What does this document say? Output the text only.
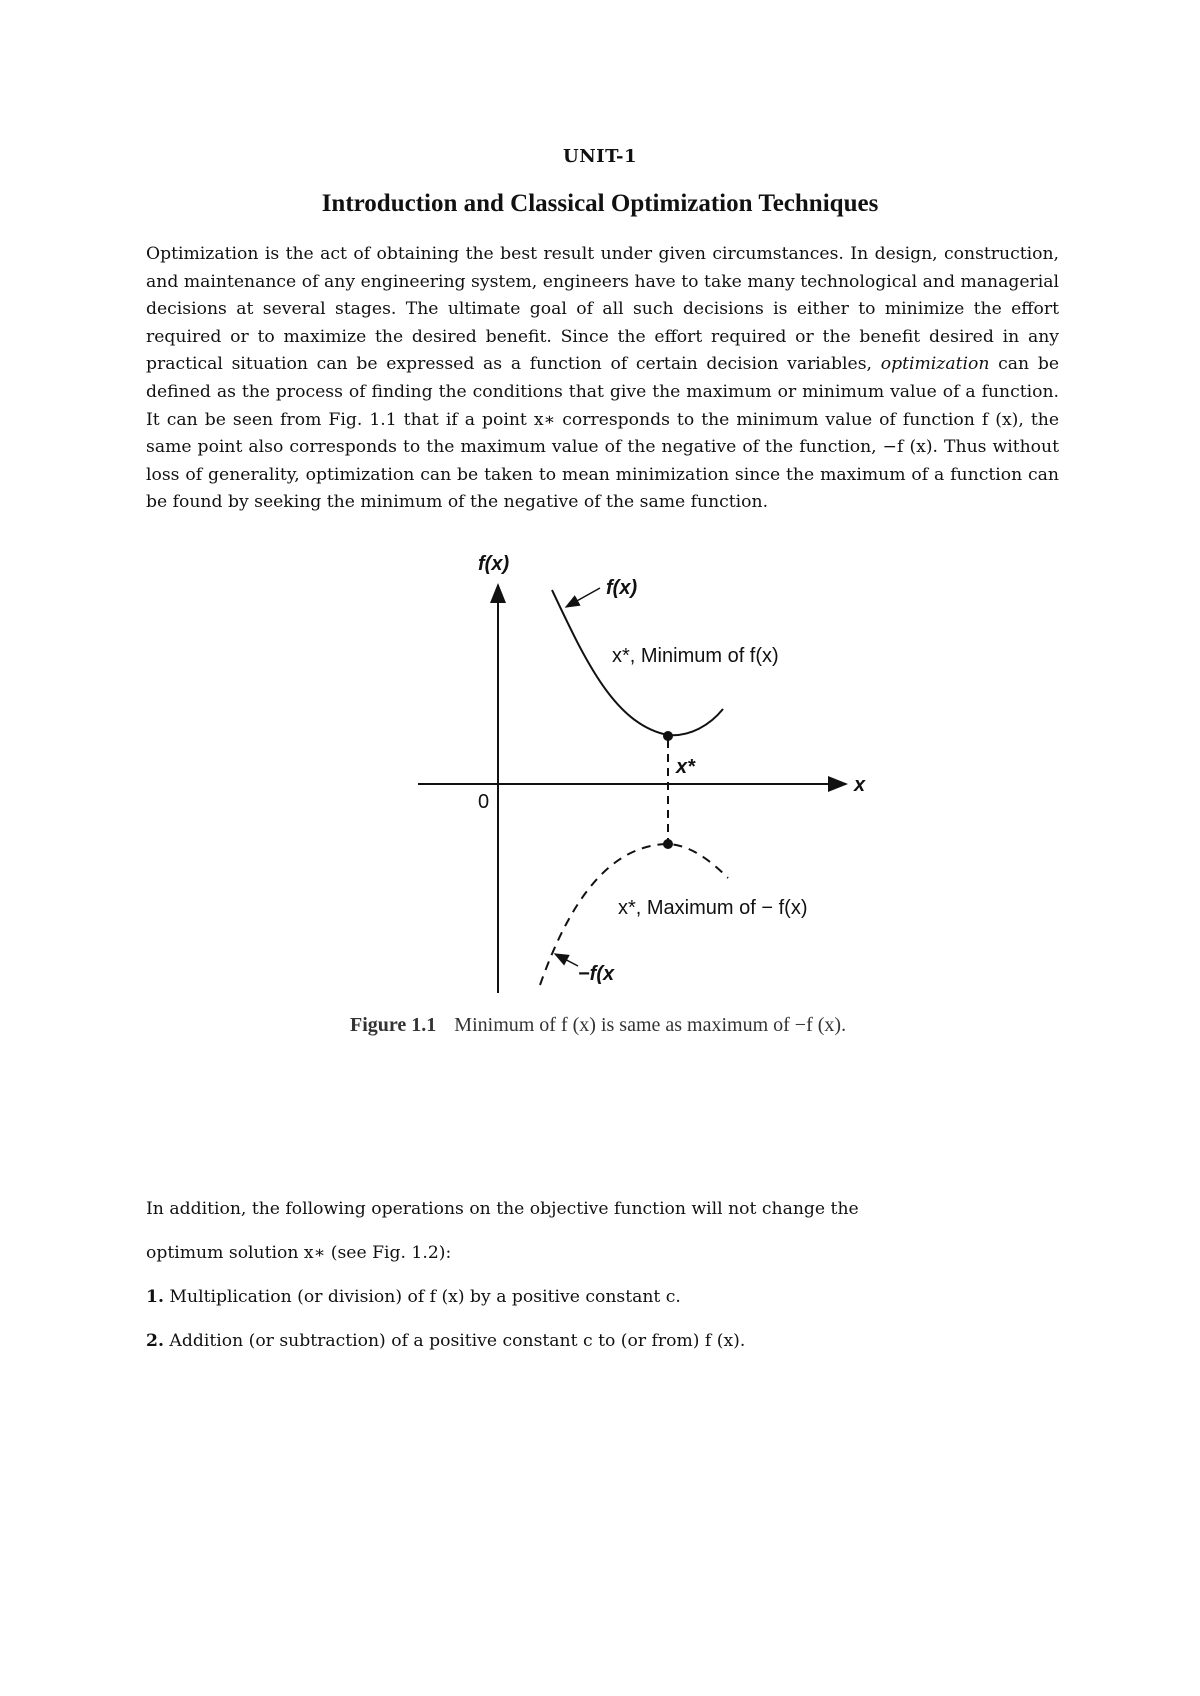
UNIT-1
Introduction and Classical Optimization Techniques

Optimization is the act of obtaining the best result under given circumstances. In design, construction, and maintenance of any engineering system, engineers have to take many technological and managerial decisions at several stages. The ultimate goal of all such decisions is either to minimize the effort required or to maximize the desired benefit. Since the effort required or the benefit desired in any practical situation can be expressed as a function of certain decision variables, optimization can be defined as the process of finding the conditions that give the maximum or minimum value of a function. It can be seen from Fig. 1.1 that if a point x∗ corresponds to the minimum value of function f (x), the same point also corresponds to the maximum value of the negative of the function, −f (x). Thus without loss of generality, optimization can be taken to mean minimization since the maximum of a function can be found by seeking the minimum of the negative of the same function.

f(x)
x
0
f(x)
x*, Minimum of f(x)
x*
x*, Maximum of − f(x)
−f(x
Figure 1.1 Minimum of f (x) is same as maximum of −f (x).

In addition, the following operations on the objective function will not change the

optimum solution x∗ (see Fig. 1.2):

1. Multiplication (or division) of f (x) by a positive constant c.

2. Addition (or subtraction) of a positive constant c to (or from) f (x).
